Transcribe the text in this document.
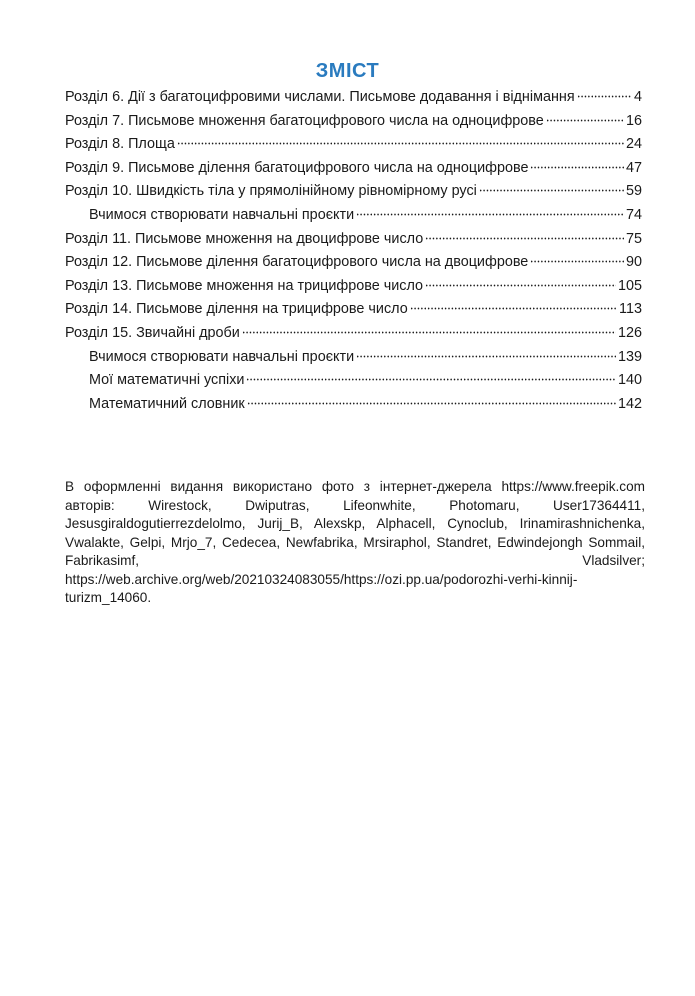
ЗМІСТ
Розділ 6. Дії з багатоцифровими числами. Письмове додавання і віднімання	4
Розділ 7. Письмове множення багатоцифрового числа на одноцифрове	16
Розділ 8. Площа	24
Розділ 9. Письмове ділення багатоцифрового числа на одноцифрове	47
Розділ 10. Швидкість тіла у прямолінійному рівномірному русі	59
Вчимося створювати навчальні проєкти	74
Розділ 11. Письмове множення на двоцифрове число	75
Розділ 12. Письмове ділення багатоцифрового числа на двоцифрове	90
Розділ 13. Письмове множення на трицифрове число	105
Розділ 14. Письмове ділення на трицифрове число	113
Розділ 15. Звичайні дроби	126
Вчимося створювати навчальні проєкти	139
Мої математичні успіхи	140
Математичний словник	142
В оформленні видання використано фото з інтернет-джерела https://www.freepik.com авторів: Wirestock, Dwiputras, Lifeonwhite, Photomaru, User17364411, Jesusgiraldogutierrezdelolmo, Jurij_B, Alexskp, Alphacell, Cynoclub, Irinamirashnichenka, Vwalakte, Gelpi, Mrjo_7, Cedecea, Newfabrika, Mrsiraphol, Standret, Edwindejongh Sommail, Fabrikasimf, Vladsilver; https://web.archive.org/web/20210324083055/https://ozi.pp.ua/podorozhi-verhi-kinnij-turizm_14060.
